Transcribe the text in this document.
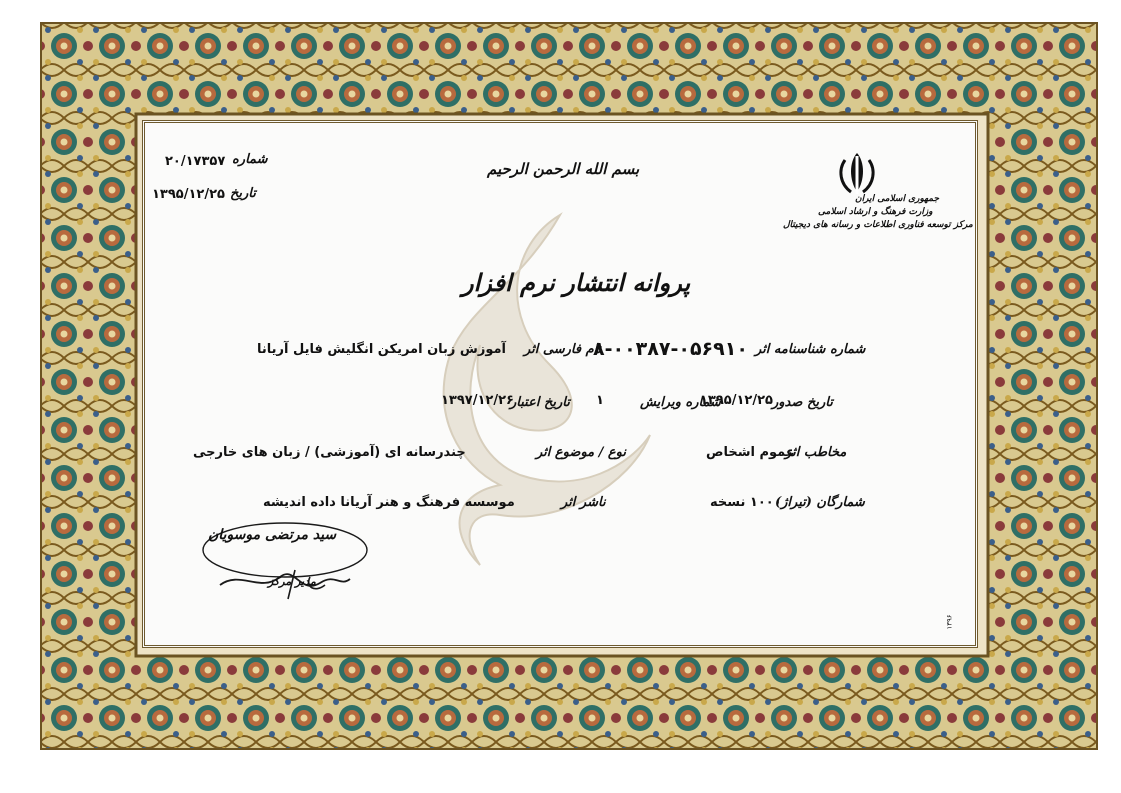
شماره
۲۰/۱۷۳۵۷
تاریخ
۱۳۹۵/۱۲/۲۵
بسم الله الرحمن الرحیم
جمهوری اسلامی ایران
وزارت فرهنگ و ارشاد اسلامی
مرکز توسعه فناوری اطلاعات و رسانه های دیجیتال
پروانه انتشار نرم افزار
شماره شناسنامه اثر
۸-۰۰۳۸۷-۰۵۶۹۱۰
نام فارسی اثر
آموزش زبان امریکن انگلیش فایل آریانا
تاریخ صدور
۱۳۹۵/۱۲/۲۵
شماره ویرایش
۱
تاریخ اعتبار
۱۳۹۷/۱۲/۲۶
مخاطب اثر
عموم اشخاص
نوع / موضوع اثر
چندرسانه ای (آموزشی) / زبان های خارجی
شمارگان (تیراژ)
۱۰۰۰ نسخه
ناشر اثر
موسسه فرهنگ و هنر آریانا داده اندیشه
سید مرتضی موسویان
مدیر مرکز
۱۳۹۶
